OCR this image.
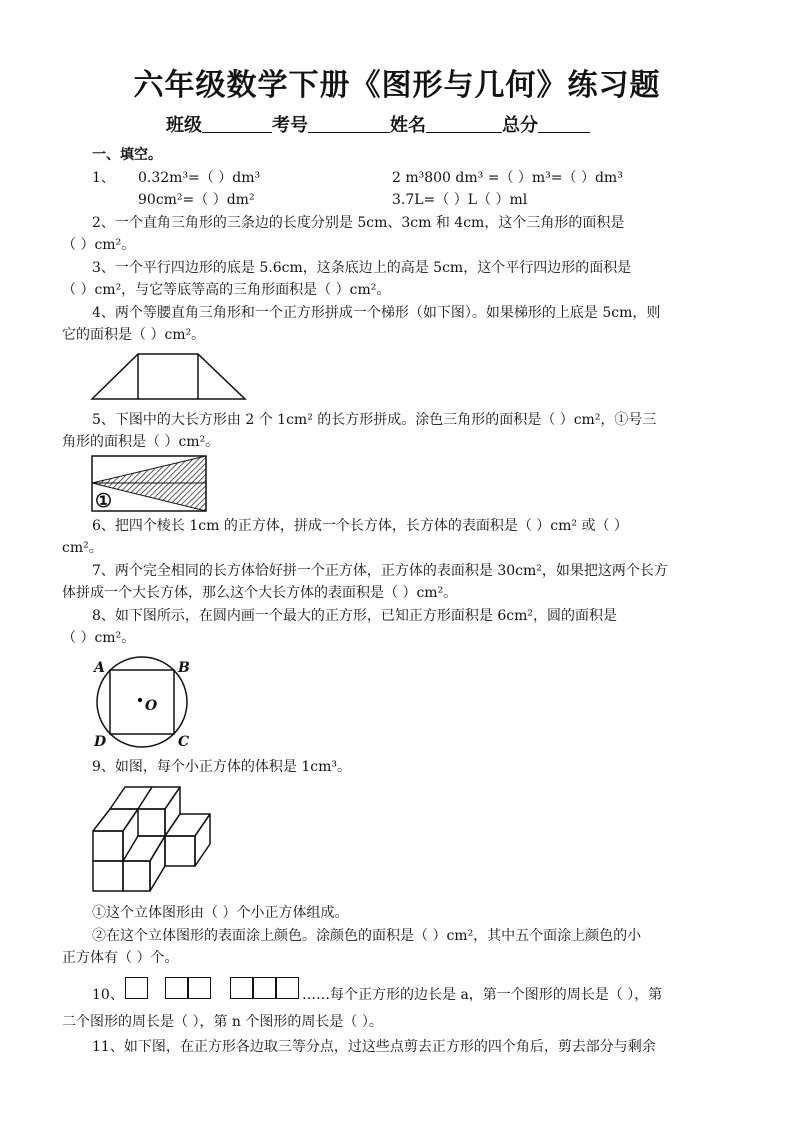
六年级数学下册《图形与几何》练习题
班级	考号	姓名	总分
一、填空。
1、 0.32m³=（ ）dm³	2 m³800 dm³ =（ ）m³=（ ）dm³
90cm²=（ ）dm²	3.7L=（ ）L（ ）ml
2、一个直角三角形的三条边的长度分别是 5cm、3cm 和 4cm，这个三角形的面积是
（ ）cm²。
3、一个平行四边形的底是 5.6cm，这条底边上的高是 5cm，这个平行四边形的面积是
（ ）cm²，与它等底等高的三角形面积是（ ）cm²。
4、两个等腰直角三角形和一个正方形拼成一个梯形（如下图）。如果梯形的上底是 5cm，则
它的面积是（ ）cm²。
5、下图中的大长方形由 2 个 1cm² 的长方形拼成。涂色三角形的面积是（ ）cm²，①号三
角形的面积是（ ）cm²。
①
6、把四个棱长 1cm 的正方体，拼成一个长方体，长方体的表面积是（ ）cm² 或（ ）
cm²。
7、两个完全相同的长方体恰好拼一个正方体，正方体的表面积是 30cm²，如果把这两个长方
体拼成一个大长方体，那么这个大长方体的表面积是（ ）cm²。
8、如下图所示，在圆内画一个最大的正方形，已知正方形面积是 6cm²，圆的面积是
（ ）cm²。
A	B
C
D
O
9、如图，每个小正方体的体积是 1cm³。
①这个立体图形由（ ）个小正方体组成。
②在这个立体图形的表面涂上颜色。涂颜色的面积是（ ）cm²，其中五个面涂上颜色的小
正方体有（ ）个。
10、	……每个正方形的边长是 a，第一个图形的周长是（ ），第
二个图形的周长是（ ），第 n 个图形的周长是（ ）。
11、如下图，在正方形各边取三等分点，过这些点剪去正方形的四个角后，剪去部分与剩余
